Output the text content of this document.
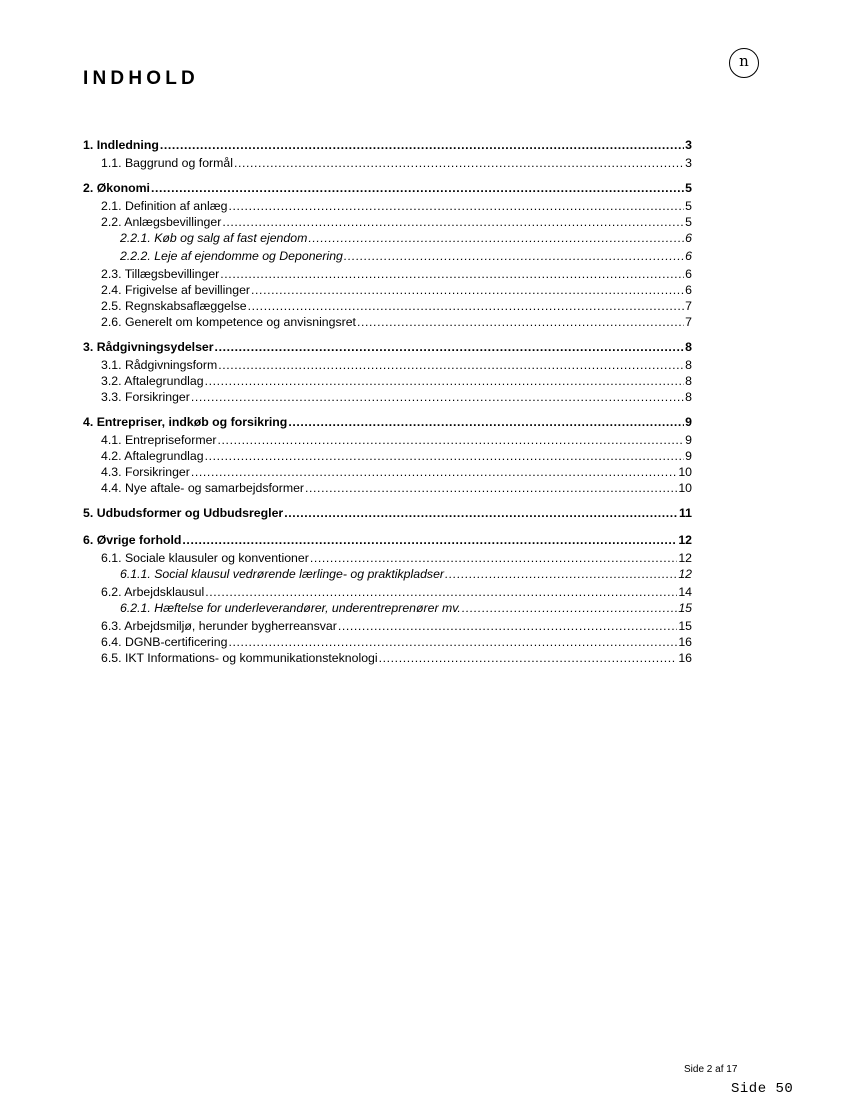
n
INDHOLD
1. Indledning .....	3
1.1. Baggrund og formål .....	3
2. Økonomi .....	5
2.1. Definition af anlæg .....	5
2.2. Anlægsbevillinger .....	5
2.2.1. Køb og salg af fast ejendom .....	6
2.2.2. Leje af ejendomme og Deponering .....	6
2.3. Tillægsbevillinger .....	6
2.4. Frigivelse af bevillinger .....	6
2.5. Regnskabsaflæggelse .....	7
2.6. Generelt om kompetence og anvisningsret .....	7
3. Rådgivningsydelser .....	8
3.1. Rådgivningsform .....	8
3.2. Aftalegrundlag .....	8
3.3. Forsikringer .....	8
4. Entrepriser, indkøb og forsikring .....	9
4.1. Entrepriseformer .....	9
4.2. Aftalegrundlag .....	9
4.3. Forsikringer .....	10
4.4. Nye aftale- og samarbejdsformer .....	10
5. Udbudsformer og Udbudsregler .....	11
6. Øvrige forhold .....	12
6.1. Sociale klausuler og konventioner .....	12
6.1.1. Social klausul vedrørende lærlinge- og praktikpladser .....	12
6.2. Arbejdsklausul .....	14
6.2.1. Hæftelse for underleverandører, underentreprenører mv. .....	15
6.3. Arbejdsmiljø, herunder bygherreansvar .....	15
6.4. DGNB-certificering .....	16
6.5. IKT Informations- og kommunikationsteknologi .....	16
Side 2 af 17
Side 50
